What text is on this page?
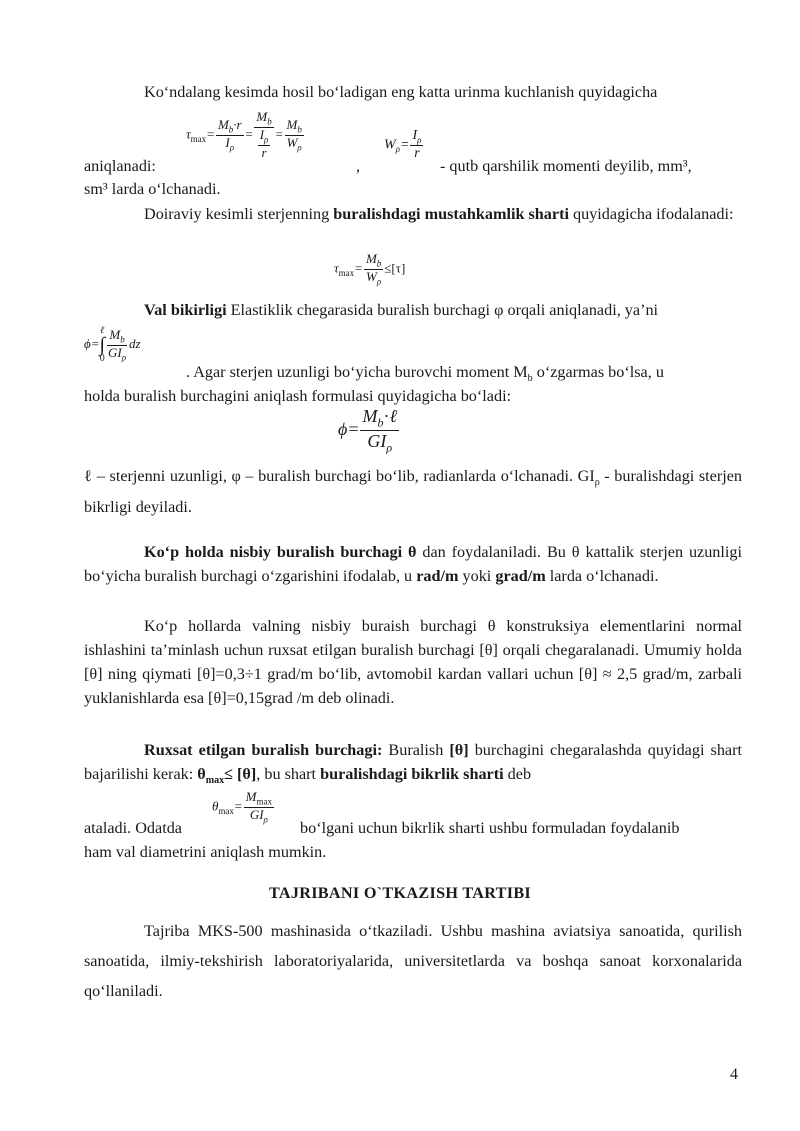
Ko‘ndalang kesimda hosil bo‘ladigan eng katta urinma kuchlanish quyidagicha

$\tau_{max}= \frac{M_b\cdot r}{I_\rho} = \frac{M_b}{\frac{I_\rho}{r}} = \frac{M_b}{W_\rho}$
aniqlanadi:	,
$W_\rho= \frac{I_\rho}{r}$
- qutb qarshilik momenti deyilib, mm³,

sm³ larda o‘lchanadi.

Doiraviy kesimli sterjenning buralishdagi mustahkamlik sharti quyidagicha ifodalanadi:

$\tau_{max}= \frac{M_b}{W_\rho} \le[\tau]$

Val bikirligi Elastiklik chegarasida buralish burchagi φ orqali aniqlanadi, ya’ni

ϕ=
ℓ
∫
$0 \frac{M_b}{GI_\rho}$ dz

. Agar sterjen uzunligi bo‘yicha burovchi moment $M_b$ o‘zgarmas bo‘lsa, u

holda buralish burchagini aniqlash formulasi quyidagicha bo‘ladi:

$\phi= \frac{M_b\cdot\ell}{GI_\rho}$

ℓ – sterjenni uzunligi, φ – buralish burchagi bo‘lib, radianlarda o‘lchanadi. $GI_\rho$ - buralishdagi sterjen bikrligi deyiladi.

Ko‘p holda nisbiy buralish burchagi θ dan foydalaniladi. Bu θ kattalik sterjen uzunligi bo‘yicha buralish burchagi o‘zgarishini ifodalab, u rad/m yoki grad/m larda o‘lchanadi.

Ko‘p hollarda valning nisbiy buraish burchagi θ konstruksiya elementlarini normal ishlashini ta’minlash uchun ruxsat etilgan buralish burchagi [θ] orqali chegaralanadi. Umumiy holda [θ] ning qiymati [θ]=0,3÷1 grad/m bo‘lib, avtomobil kardan vallari uchun [θ] ≈ 2,5 grad/m, zarbali yuklanishlarda esa [θ]=0,15grad /m deb olinadi.

Ruxsat etilgan buralish burchagi: Buralish [θ] burchagini chegaralashda quyidagi shart bajarilishi kerak: $\theta_{max}\le [\theta]$, bu shart buralishdagi bikrlik sharti deb

ataladi. Odatda
$\theta_{max}= \frac{M_{max}}{GI_\rho}$
bo‘lgani uchun bikrlik sharti ushbu formuladan foydalanib

ham val diametrini aniqlash mumkin.

TAJRIBANI O`TKAZISH TARTIBI

Tajriba MKS-500 mashinasida o‘tkaziladi. Ushbu mashina aviatsiya sanoatida, qurilish sanoatida, ilmiy-tekshirish laboratoriyalarida, universitetlarda va boshqa sanoat korxonalarida qo‘llaniladi.

4
